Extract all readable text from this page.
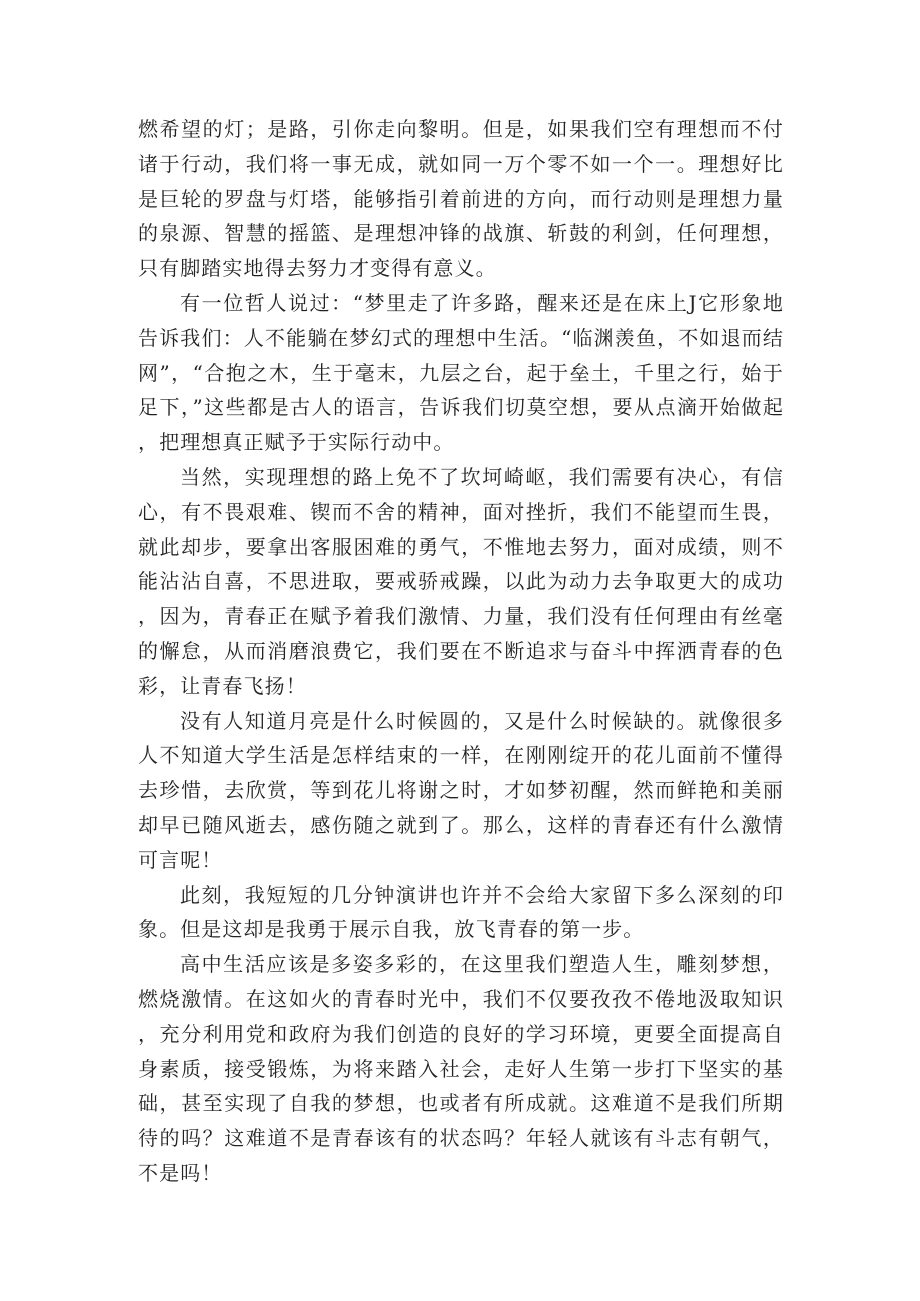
燃希望的灯；是路，引你走向黎明。但是，如果我们空有理想而不付诸于行动，我们将一事无成，就如同一万个零不如一个一。理想好比是巨轮的罗盘与灯塔，能够指引着前进的方向，而行动则是理想力量的泉源、智慧的摇篮、是理想冲锋的战旗、斩鼓的利剑，任何理想，只有脚踏实地得去努力才变得有意义。

有一位哲人说过：“梦里走了许多路，醒来还是在床上J它形象地告诉我们：人不能躺在梦幻式的理想中生活。“临渊羡鱼，不如退而结网”，“合抱之木，生于毫末，九层之台，起于垒土，千里之行，始于足下，”这些都是古人的语言，告诉我们切莫空想，要从点滴开始做起，把理想真正赋予于实际行动中。

当然，实现理想的路上免不了坎坷崎岖，我们需要有决心，有信心，有不畏艰难、锲而不舍的精神，面对挫折，我们不能望而生畏，就此却步，要拿出客服困难的勇气，不惟地去努力，面对成绩，则不能沾沾自喜，不思进取，要戒骄戒躁，以此为动力去争取更大的成功，因为，青春正在赋予着我们激情、力量，我们没有任何理由有丝毫的懈怠，从而消磨浪费它，我们要在不断追求与奋斗中挥洒青春的色彩，让青春飞扬！

没有人知道月亮是什么时候圆的，又是什么时候缺的。就像很多人不知道大学生活是怎样结束的一样，在刚刚绽开的花儿面前不懂得去珍惜，去欣赏，等到花儿将谢之时，才如梦初醒，然而鲜艳和美丽却早已随风逝去，感伤随之就到了。那么，这样的青春还有什么激情可言呢！

此刻，我短短的几分钟演讲也许并不会给大家留下多么深刻的印象。但是这却是我勇于展示自我，放飞青春的第一步。

高中生活应该是多姿多彩的，在这里我们塑造人生，雕刻梦想，燃烧激情。在这如火的青春时光中，我们不仅要孜孜不倦地汲取知识，充分利用党和政府为我们创造的良好的学习环境，更要全面提高自身素质，接受锻炼，为将来踏入社会，走好人生第一步打下坚实的基础，甚至实现了自我的梦想，也或者有所成就。这难道不是我们所期待的吗？这难道不是青春该有的状态吗？年轻人就该有斗志有朝气，不是吗！
